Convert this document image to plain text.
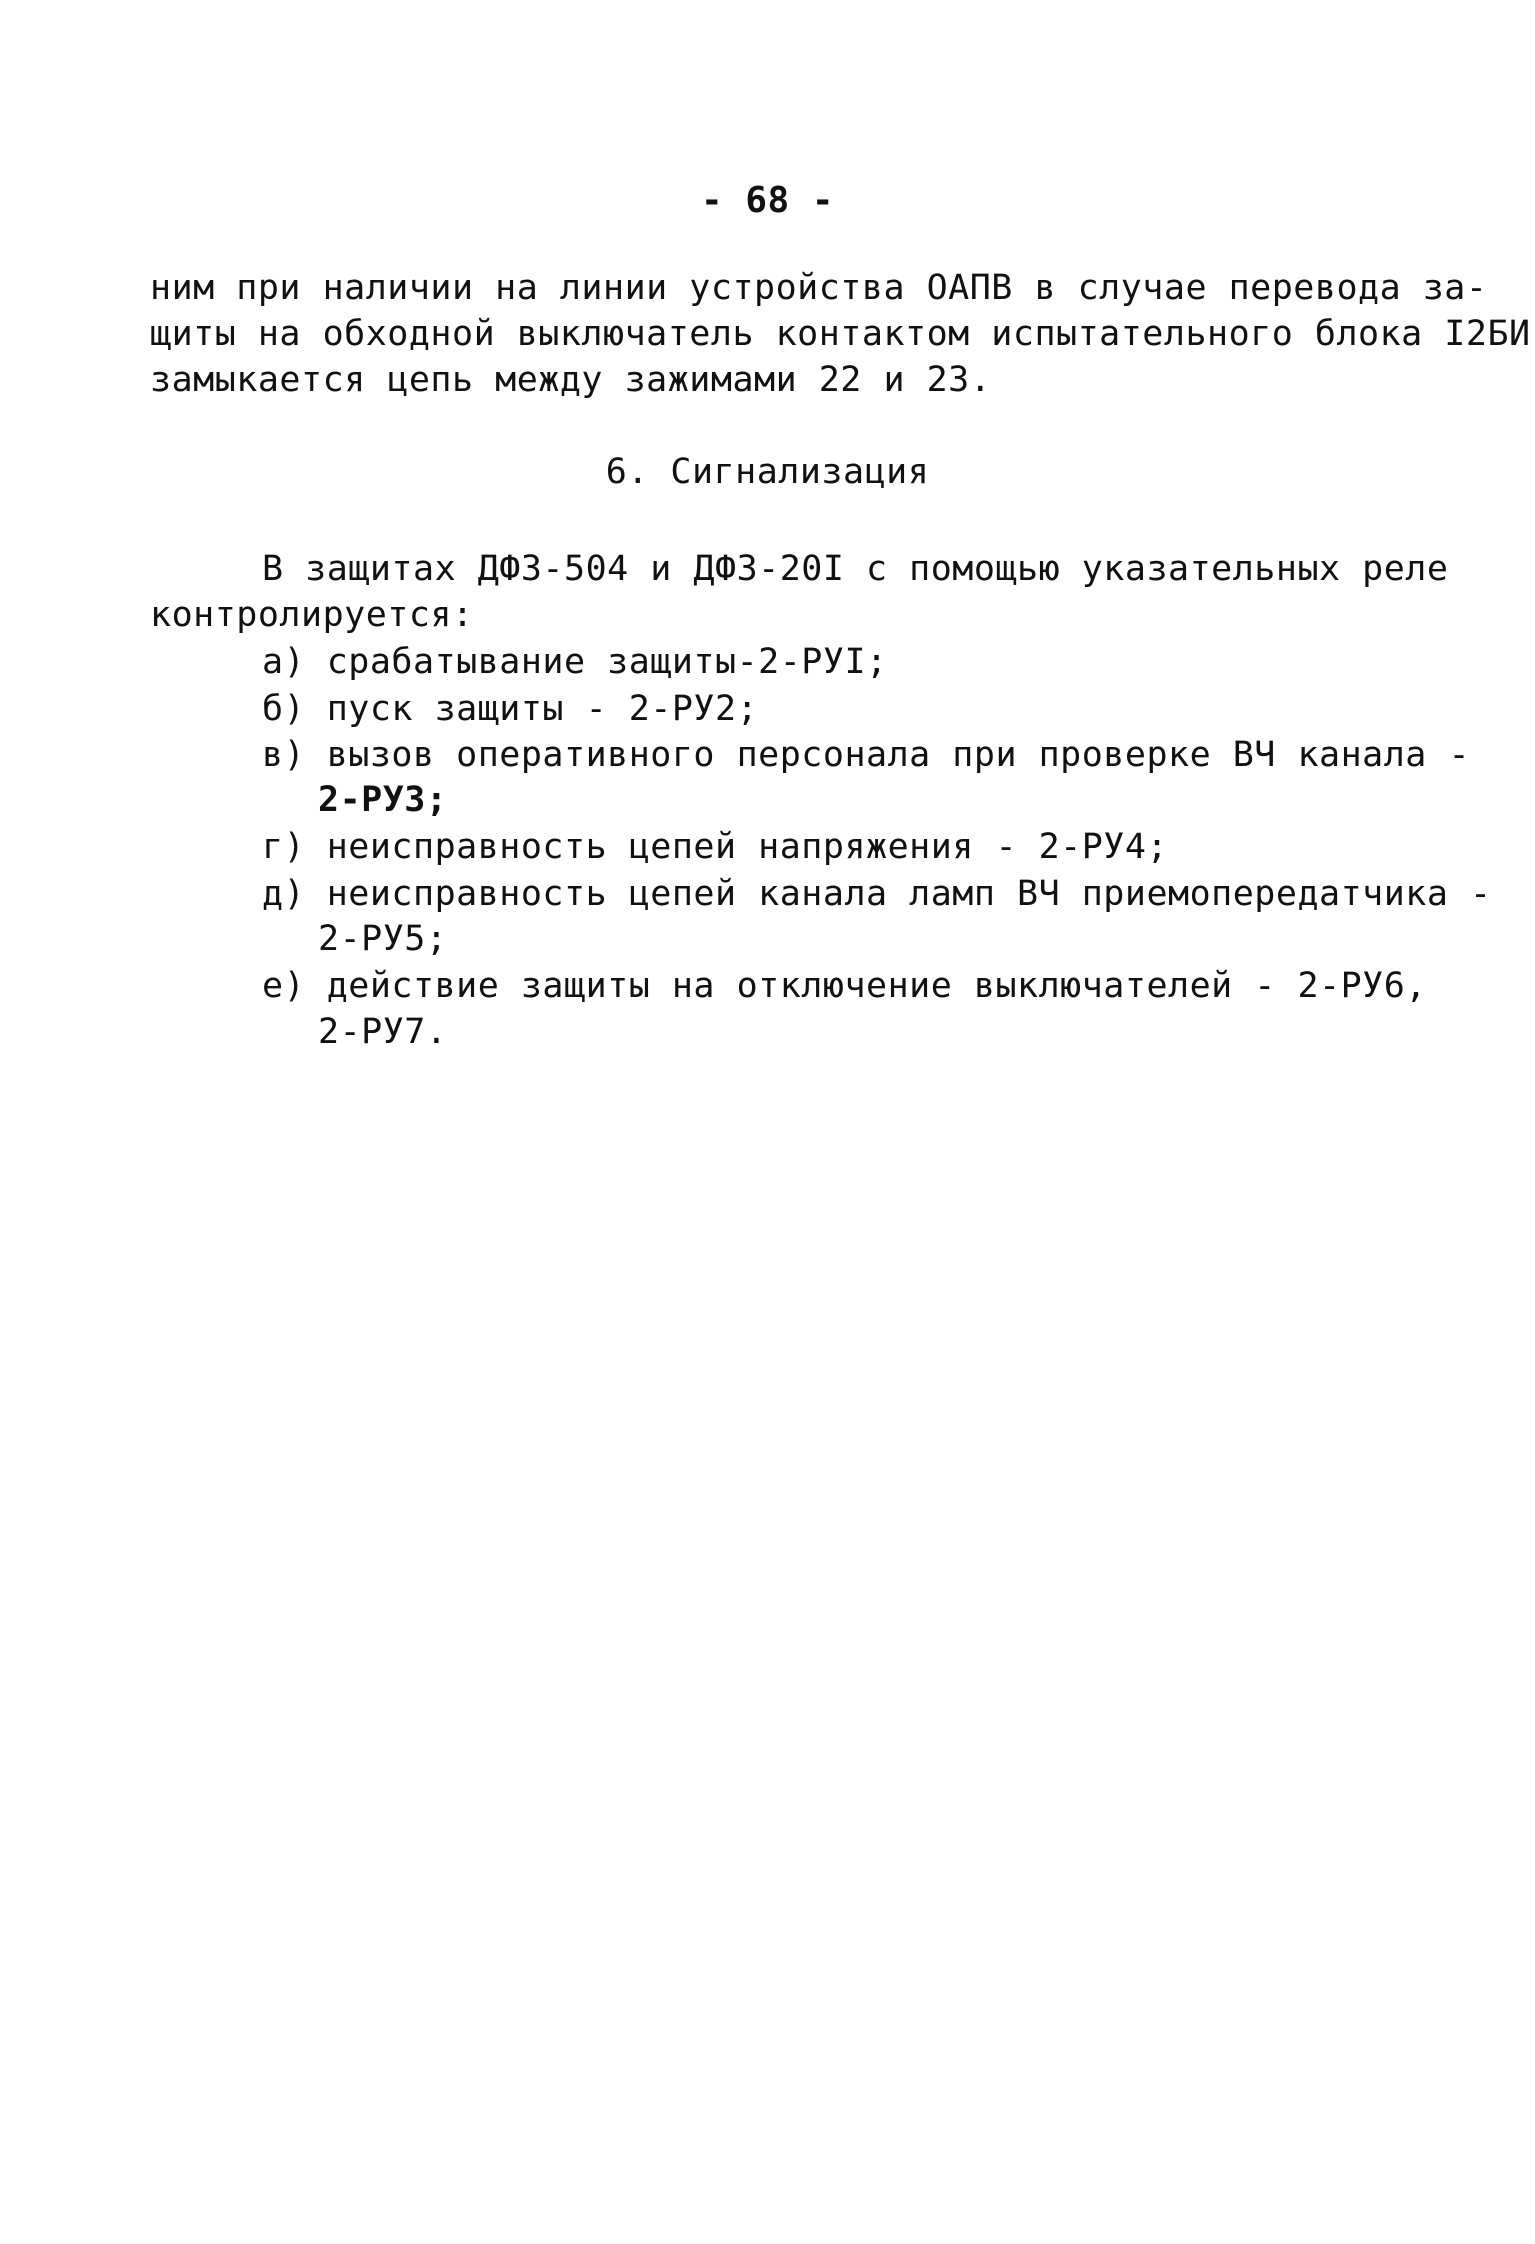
- 68 -
ним при наличии на линии устройства ОАПВ в случае перевода за-
щиты на обходной выключатель контактом испытательного блока I2БИ
замыкается цепь между зажимами 22 и 23.
6. Сигнализация
В защитах ДФЗ-504 и ДФЗ-20I с помощью указательных реле
контролируется:
а) срабатывание защиты-2-РУI;
б) пуск защиты - 2-РУ2;
в) вызов оперативного персонала при проверке ВЧ канала -
2-РУ3;
г) неисправность цепей напряжения - 2-РУ4;
д) неисправность цепей канала ламп ВЧ приемопередатчика -
2-РУ5;
е) действие защиты на отключение выключателей - 2-РУ6,
2-РУ7.
